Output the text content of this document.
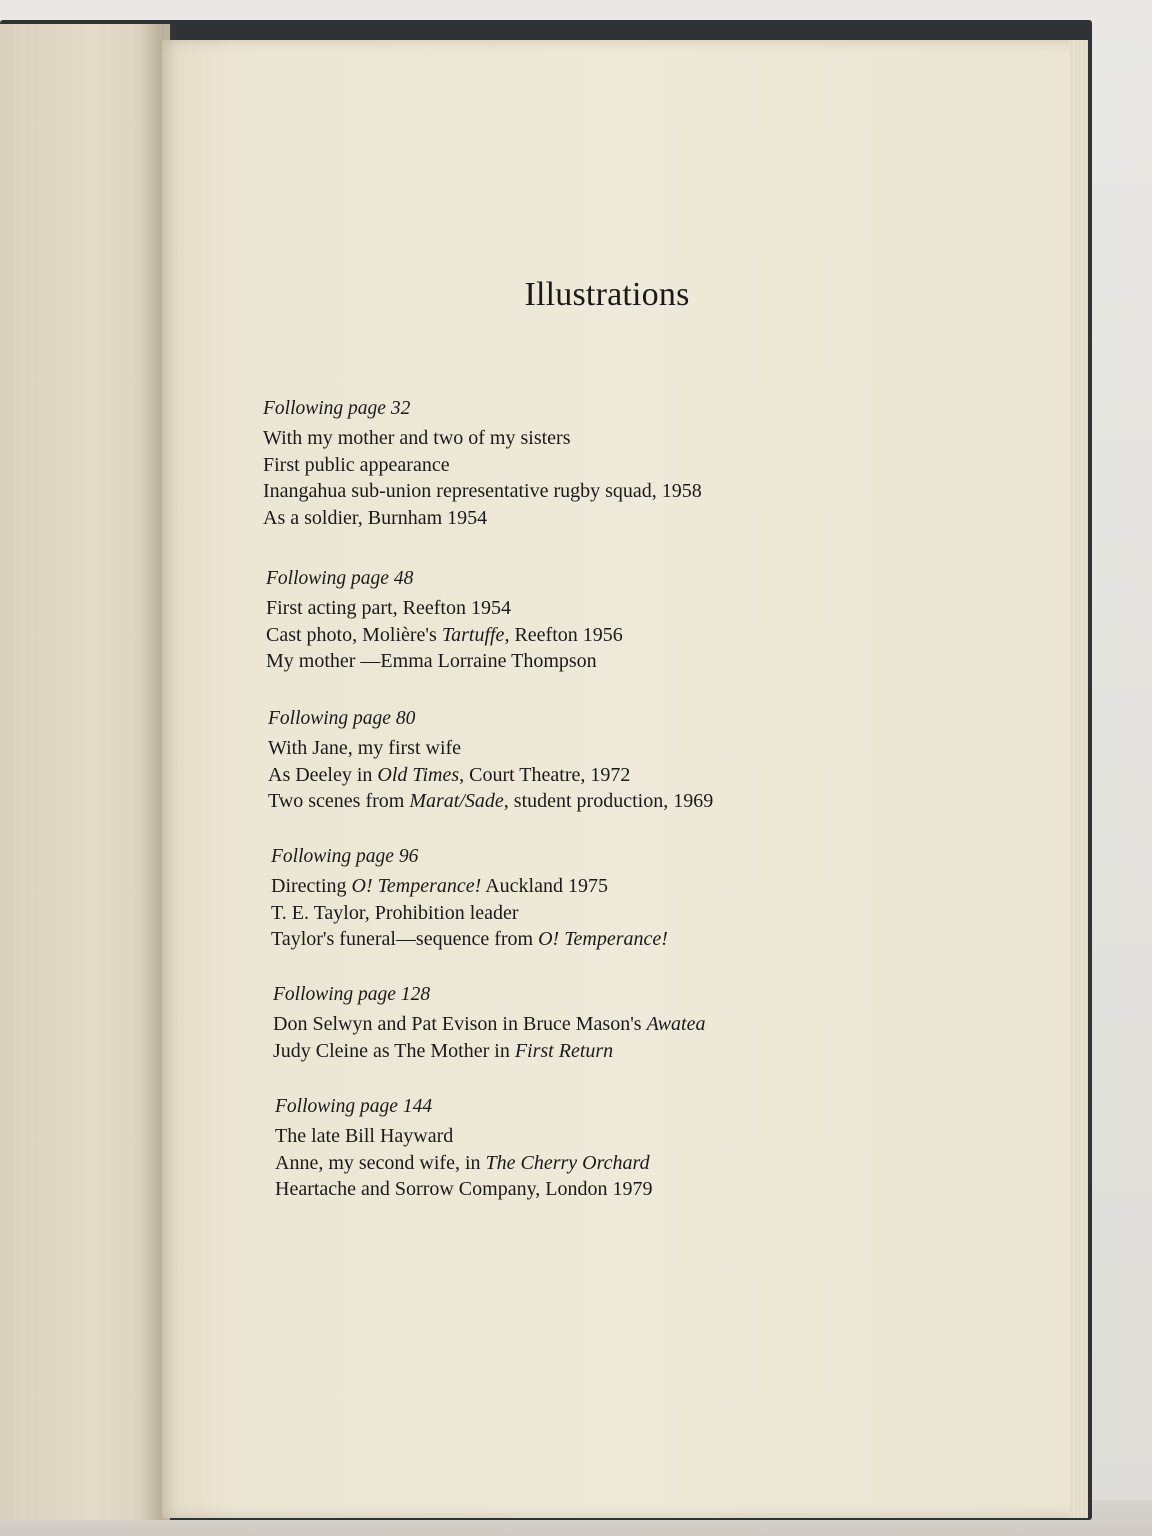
Illustrations
Following page 32
With my mother and two of my sisters
First public appearance
Inangahua sub-union representative rugby squad, 1958
As a soldier, Burnham 1954
Following page 48
First acting part, Reefton 1954
Cast photo, Molière's Tartuffe, Reefton 1956
My mother —Emma Lorraine Thompson
Following page 80
With Jane, my first wife
As Deeley in Old Times, Court Theatre, 1972
Two scenes from Marat/Sade, student production, 1969
Following page 96
Directing O! Temperance! Auckland 1975
T. E. Taylor, Prohibition leader
Taylor's funeral—sequence from O! Temperance!
Following page 128
Don Selwyn and Pat Evison in Bruce Mason's Awatea
Judy Cleine as The Mother in First Return
Following page 144
The late Bill Hayward
Anne, my second wife, in The Cherry Orchard
Heartache and Sorrow Company, London 1979
